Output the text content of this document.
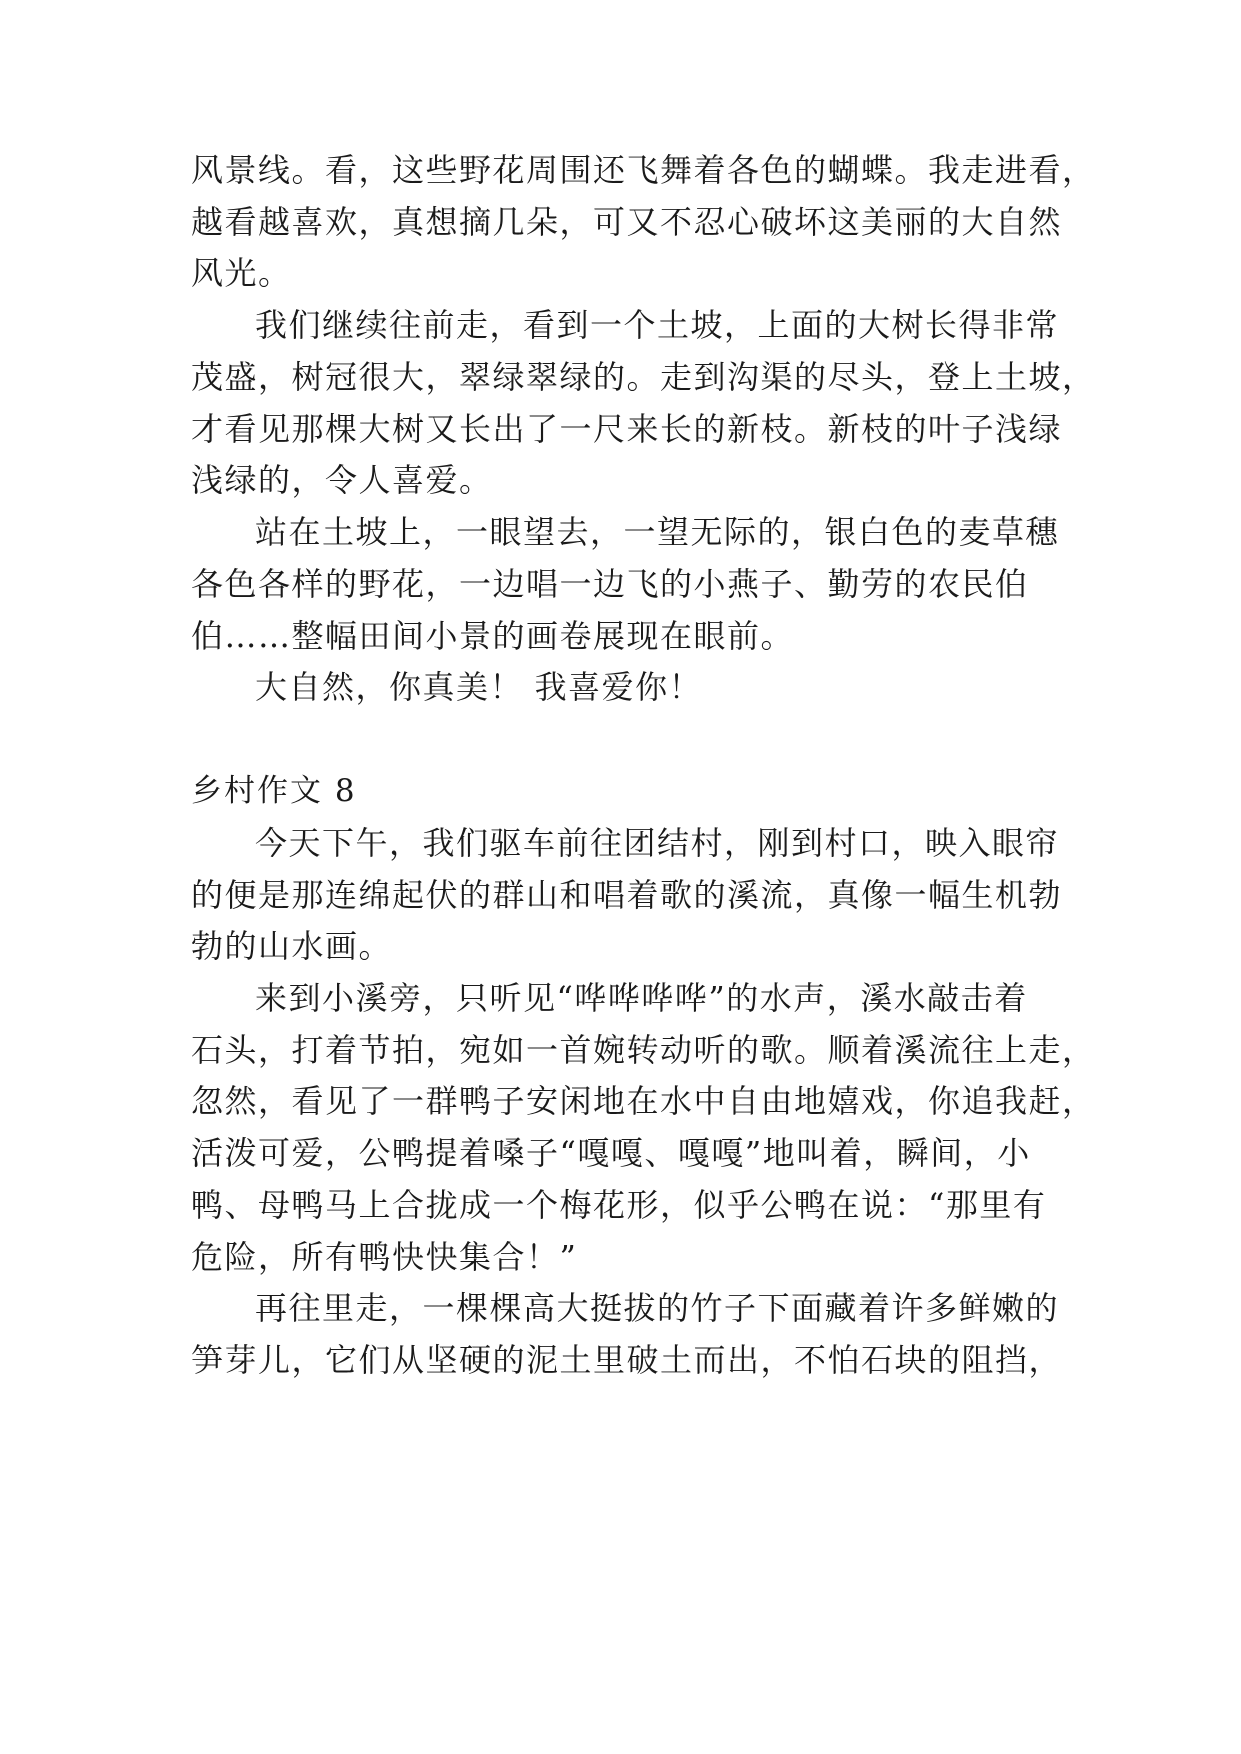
风景线。看，这些野花周围还飞舞着各色的蝴蝶。我走进看，
越看越喜欢，真想摘几朵，可又不忍心破坏这美丽的大自然
风光。
我们继续往前走，看到一个土坡，上面的大树长得非常
茂盛，树冠很大，翠绿翠绿的。走到沟渠的尽头，登上土坡，
才看见那棵大树又长出了一尺来长的新枝。新枝的叶子浅绿
浅绿的，令人喜爱。
站在土坡上，一眼望去，一望无际的，银白色的麦草穗
各色各样的野花，一边唱一边飞的小燕子、勤劳的农民伯
伯……整幅田间小景的画卷展现在眼前。
大自然，你真美！ 我喜爱你！
乡村作文 8
今天下午，我们驱车前往团结村，刚到村口，映入眼帘
的便是那连绵起伏的群山和唱着歌的溪流，真像一幅生机勃
勃的山水画。
来到小溪旁，只听见“哗哗哗哗”的水声，溪水敲击着
石头，打着节拍，宛如一首婉转动听的歌。顺着溪流往上走，
忽然，看见了一群鸭子安闲地在水中自由地嬉戏，你追我赶，
活泼可爱，公鸭提着嗓子“嘎嘎、嘎嘎”地叫着，瞬间，小
鸭、母鸭马上合拢成一个梅花形，似乎公鸭在说：“那里有
危险，所有鸭快快集合！”
再往里走，一棵棵高大挺拔的竹子下面藏着许多鲜嫩的
笋芽儿，它们从坚硬的泥土里破土而出，不怕石块的阻挡，
